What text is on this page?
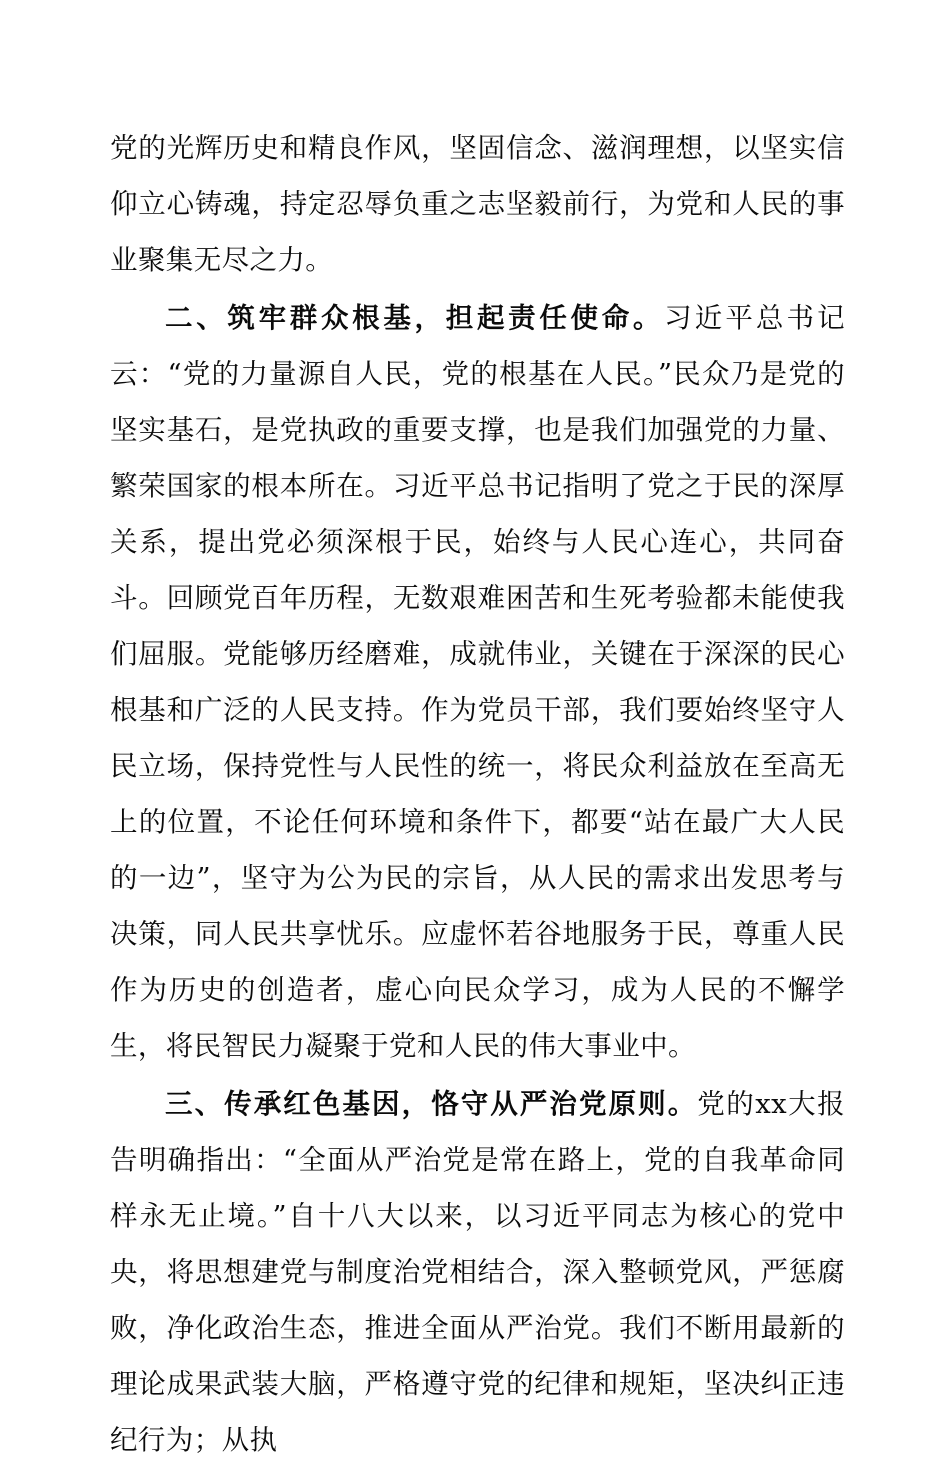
党的光辉历史和精良作风，坚固信念、滋润理想，以坚实信仰立心铸魂，持定忍辱负重之志坚毅前行，为党和人民的事业聚集无尽之力。

二、筑牢群众根基，担起责任使命。习近平总书记云：“党的力量源自人民，党的根基在人民。”民众乃是党的坚实基石，是党执政的重要支撑，也是我们加强党的力量、繁荣国家的根本所在。习近平总书记指明了党之于民的深厚关系，提出党必须深根于民，始终与人民心连心，共同奋斗。回顾党百年历程，无数艰难困苦和生死考验都未能使我们屈服。党能够历经磨难，成就伟业，关键在于深深的民心根基和广泛的人民支持。作为党员干部，我们要始终坚守人民立场，保持党性与人民性的统一，将民众利益放在至高无上的位置，不论任何环境和条件下，都要“站在最广大人民的一边”，坚守为公为民的宗旨，从人民的需求出发思考与决策，同人民共享忧乐。应虚怀若谷地服务于民，尊重人民作为历史的创造者，虚心向民众学习，成为人民的不懈学生，将民智民力凝聚于党和人民的伟大事业中。

三、传承红色基因，恪守从严治党原则。党的xx大报告明确指出：“全面从严治党是常在路上，党的自我革命同样永无止境。”自十八大以来，以习近平同志为核心的党中央，将思想建党与制度治党相结合，深入整顿党风，严惩腐败，净化政治生态，推进全面从严治党。我们不断用最新的理论成果武装大脑，严格遵守党的纪律和规矩，坚决纠正违纪行为；从执
